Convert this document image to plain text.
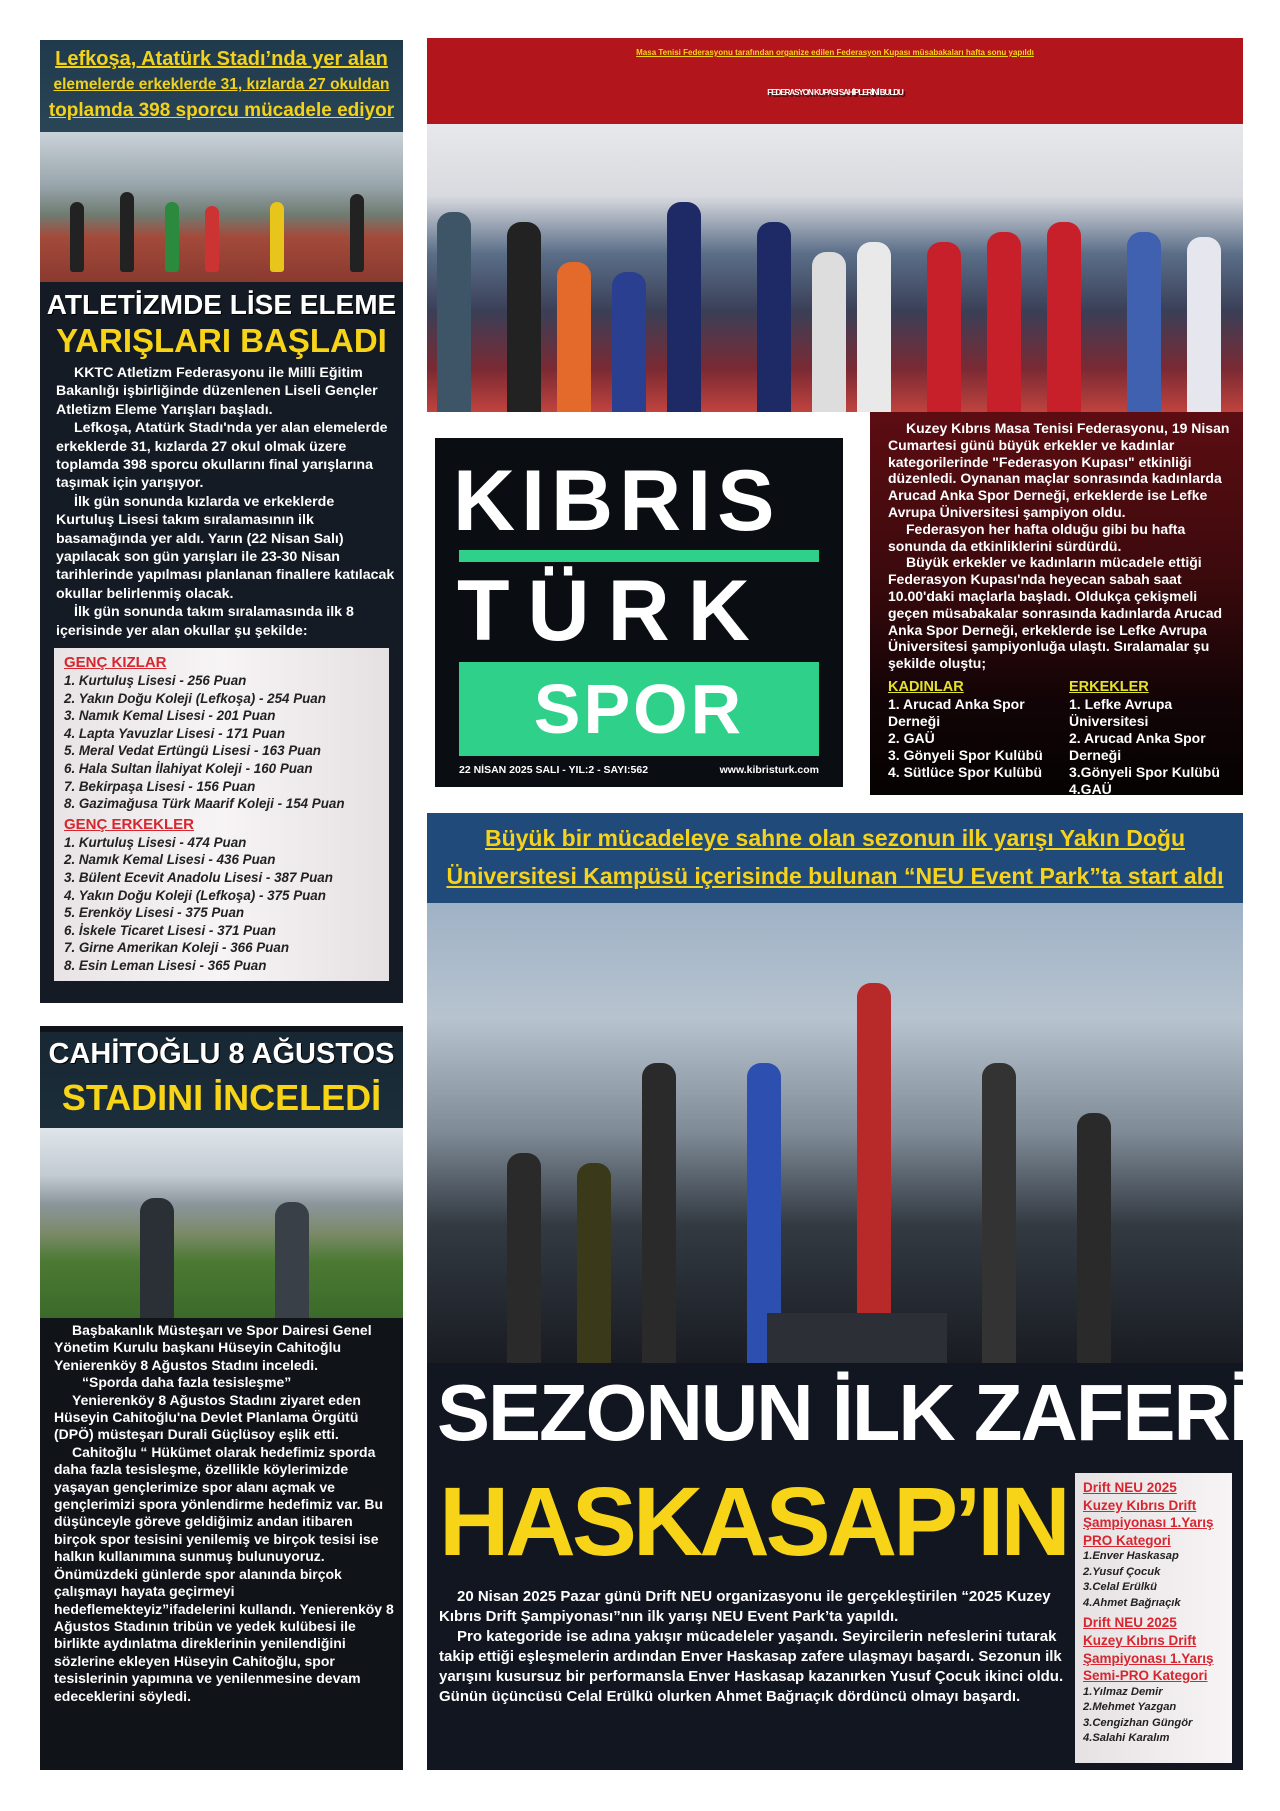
Lefkoşa, Atatürk Stadı’nda yer alan
elemelerde erkeklerde 31, kızlarda 27 okuldan
toplamda 398 sporcu mücadele ediyor
ATLETİZMDE LİSE ELEME
YARIŞLARI BAŞLADI

KKTC Atletizm Federasyonu ile Milli Eğitim Bakanlığı işbirliğinde düzenlenen Liseli Gençler Atletizm Eleme Yarışları başladı.

Lefkoşa, Atatürk Stadı'nda yer alan elemelerde erkeklerde 31, kızlarda 27 okul olmak üzere toplamda 398 sporcu okullarını final yarışlarına taşımak için yarışıyor.

İlk gün sonunda kızlarda ve erkeklerde Kurtuluş Lisesi takım sıralamasının ilk basamağında yer aldı. Yarın (22 Nisan Salı) yapılacak son gün yarışları ile 23-30 Nisan tarihlerinde yapılması planlanan finallere katılacak okullar belirlenmiş olacak.

İlk gün sonunda takım sıralamasında ilk 8 içerisinde yer alan okullar şu şekilde:

GENÇ KIZLAR
1. Kurtuluş Lisesi - 256 Puan
2. Yakın Doğu Koleji (Lefkoşa) - 254 Puan
3. Namık Kemal Lisesi - 201 Puan
4. Lapta Yavuzlar Lisesi - 171 Puan
5. Meral Vedat Ertüngü Lisesi - 163 Puan
6. Hala Sultan İlahiyat Koleji - 160 Puan
7. Bekirpaşa Lisesi - 156 Puan
8. Gazimağusa Türk Maarif Koleji - 154 Puan
GENÇ ERKEKLER
1. Kurtuluş Lisesi - 474 Puan
2. Namık Kemal Lisesi - 436 Puan
3. Bülent Ecevit Anadolu Lisesi - 387 Puan
4. Yakın Doğu Koleji (Lefkoşa) - 375 Puan
5. Erenköy Lisesi - 375 Puan
6. İskele Ticaret Lisesi - 371 Puan
7. Girne Amerikan Koleji - 366 Puan
8. Esin Leman Lisesi - 365 Puan
CAHİTOĞLU 8 AĞUSTOS
STADINI İNCELEDİ

Başbakanlık Müsteşarı ve Spor Dairesi Genel Yönetim Kurulu başkanı Hüseyin Cahitoğlu Yenierenköy 8 Ağustos Stadını inceledi.

“Sporda daha fazla tesisleşme”

Yenierenköy 8 Ağustos Stadını ziyaret eden Hüseyin Cahitoğlu'na Devlet Planlama Örgütü (DPÖ) müsteşarı Durali Güçlüsoy eşlik etti.

Cahitoğlu “ Hükümet olarak hedefimiz sporda daha fazla tesisleşme, özellikle köylerimizde yaşayan gençlerimize spor alanı açmak ve gençlerimizi spora yönlendirme hedefimiz var. Bu düşünceyle göreve geldiğimiz andan itibaren birçok spor tesisini yenilemiş ve birçok tesisi ise halkın kullanımına sunmuş bulunuyoruz. Önümüzdeki günlerde spor alanında birçok çalışmayı hayata geçirmeyi hedeflemekteyiz”ifadelerini kullandı. Yenierenköy 8 Ağustos Stadının tribün ve yedek kulübesi ile birlikte aydınlatma direklerinin yenilendiğini sözlerine ekleyen Hüseyin Cahitoğlu, spor tesislerinin yapımına ve yenilenmesine devam edeceklerini söyledi.

Masa Tenisi Federasyonu tarafından organize edilen Federasyon Kupası müsabakaları hafta sonu yapıldı
FEDERASYON KUPASI SAHİPLERİNİ BULDU
KIBRIS
TÜRK
SPOR
22 NİSAN 2025 SALI - YIL:2 - SAYI:562	www.kibristurk.com

Kuzey Kıbrıs Masa Tenisi Federasyonu, 19 Nisan Cumartesi günü büyük erkekler ve kadınlar kategorilerinde "Federasyon Kupası" etkinliği düzenledi. Oynanan maçlar sonrasında kadınlarda Arucad Anka Spor Derneği, erkeklerde ise Lefke Avrupa Üniversitesi şampiyon oldu.

Federasyon her hafta olduğu gibi bu hafta sonunda da etkinliklerini sürdürdü.

Büyük erkekler ve kadınların mücadele ettiği Federasyon Kupası'nda heyecan sabah saat 10.00'daki maçlarla başladı. Oldukça çekişmeli geçen müsabakalar sonrasında kadınlarda Arucad Anka Spor Derneği, erkeklerde ise Lefke Avrupa Üniversitesi şampiyonluğa ulaştı. Sıralamalar şu şekilde oluştu;

KADINLAR
1. Arucad Anka Spor Derneği
2. GAÜ
3. Gönyeli Spor Kulübü
4. Sütlüce Spor Kulübü
ERKEKLER
1. Lefke Avrupa Üniversitesi
2. Arucad Anka Spor Derneği
3.Gönyeli Spor Kulübü
4.GAÜ
Büyük bir mücadeleye sahne olan sezonun ilk yarışı Yakın Doğu
Üniversitesi Kampüsü içerisinde bulunan “NEU Event Park”ta start aldı
SEZONUN İLK ZAFERİ
HASKASAP’IN Drift NEU 2025
Kuzey Kıbrıs Drift
Şampiyonası 1.Yarış
PRO Kategori
1.Enver Haskasap
2.Yusuf Çocuk
3.Celal Erülkü
4.Ahmet Bağrıaçık
Drift NEU 2025
Kuzey Kıbrıs Drift
Şampiyonası 1.Yarış
Semi-PRO Kategori
1.Yılmaz Demir
2.Mehmet Yazgan
3.Cengizhan Güngör
4.Salahi Karalım

20 Nisan 2025 Pazar günü Drift NEU organizasyonu ile gerçekleştirilen “2025 Kuzey Kıbrıs Drift Şampiyonası”nın ilk yarışı NEU Event Park’ta yapıldı.

Pro kategoride ise adına yakışır mücadeleler yaşandı. Seyircilerin nefeslerini tutarak takip ettiği eşleşmelerin ardından Enver Haskasap zafere ulaşmayı başardı. Sezonun ilk yarışını kusursuz bir performansla Enver Haskasap kazanırken Yusuf Çocuk ikinci oldu. Günün üçüncüsü Celal Erülkü olurken Ahmet Bağrıaçık dördüncü olmayı başardı.
